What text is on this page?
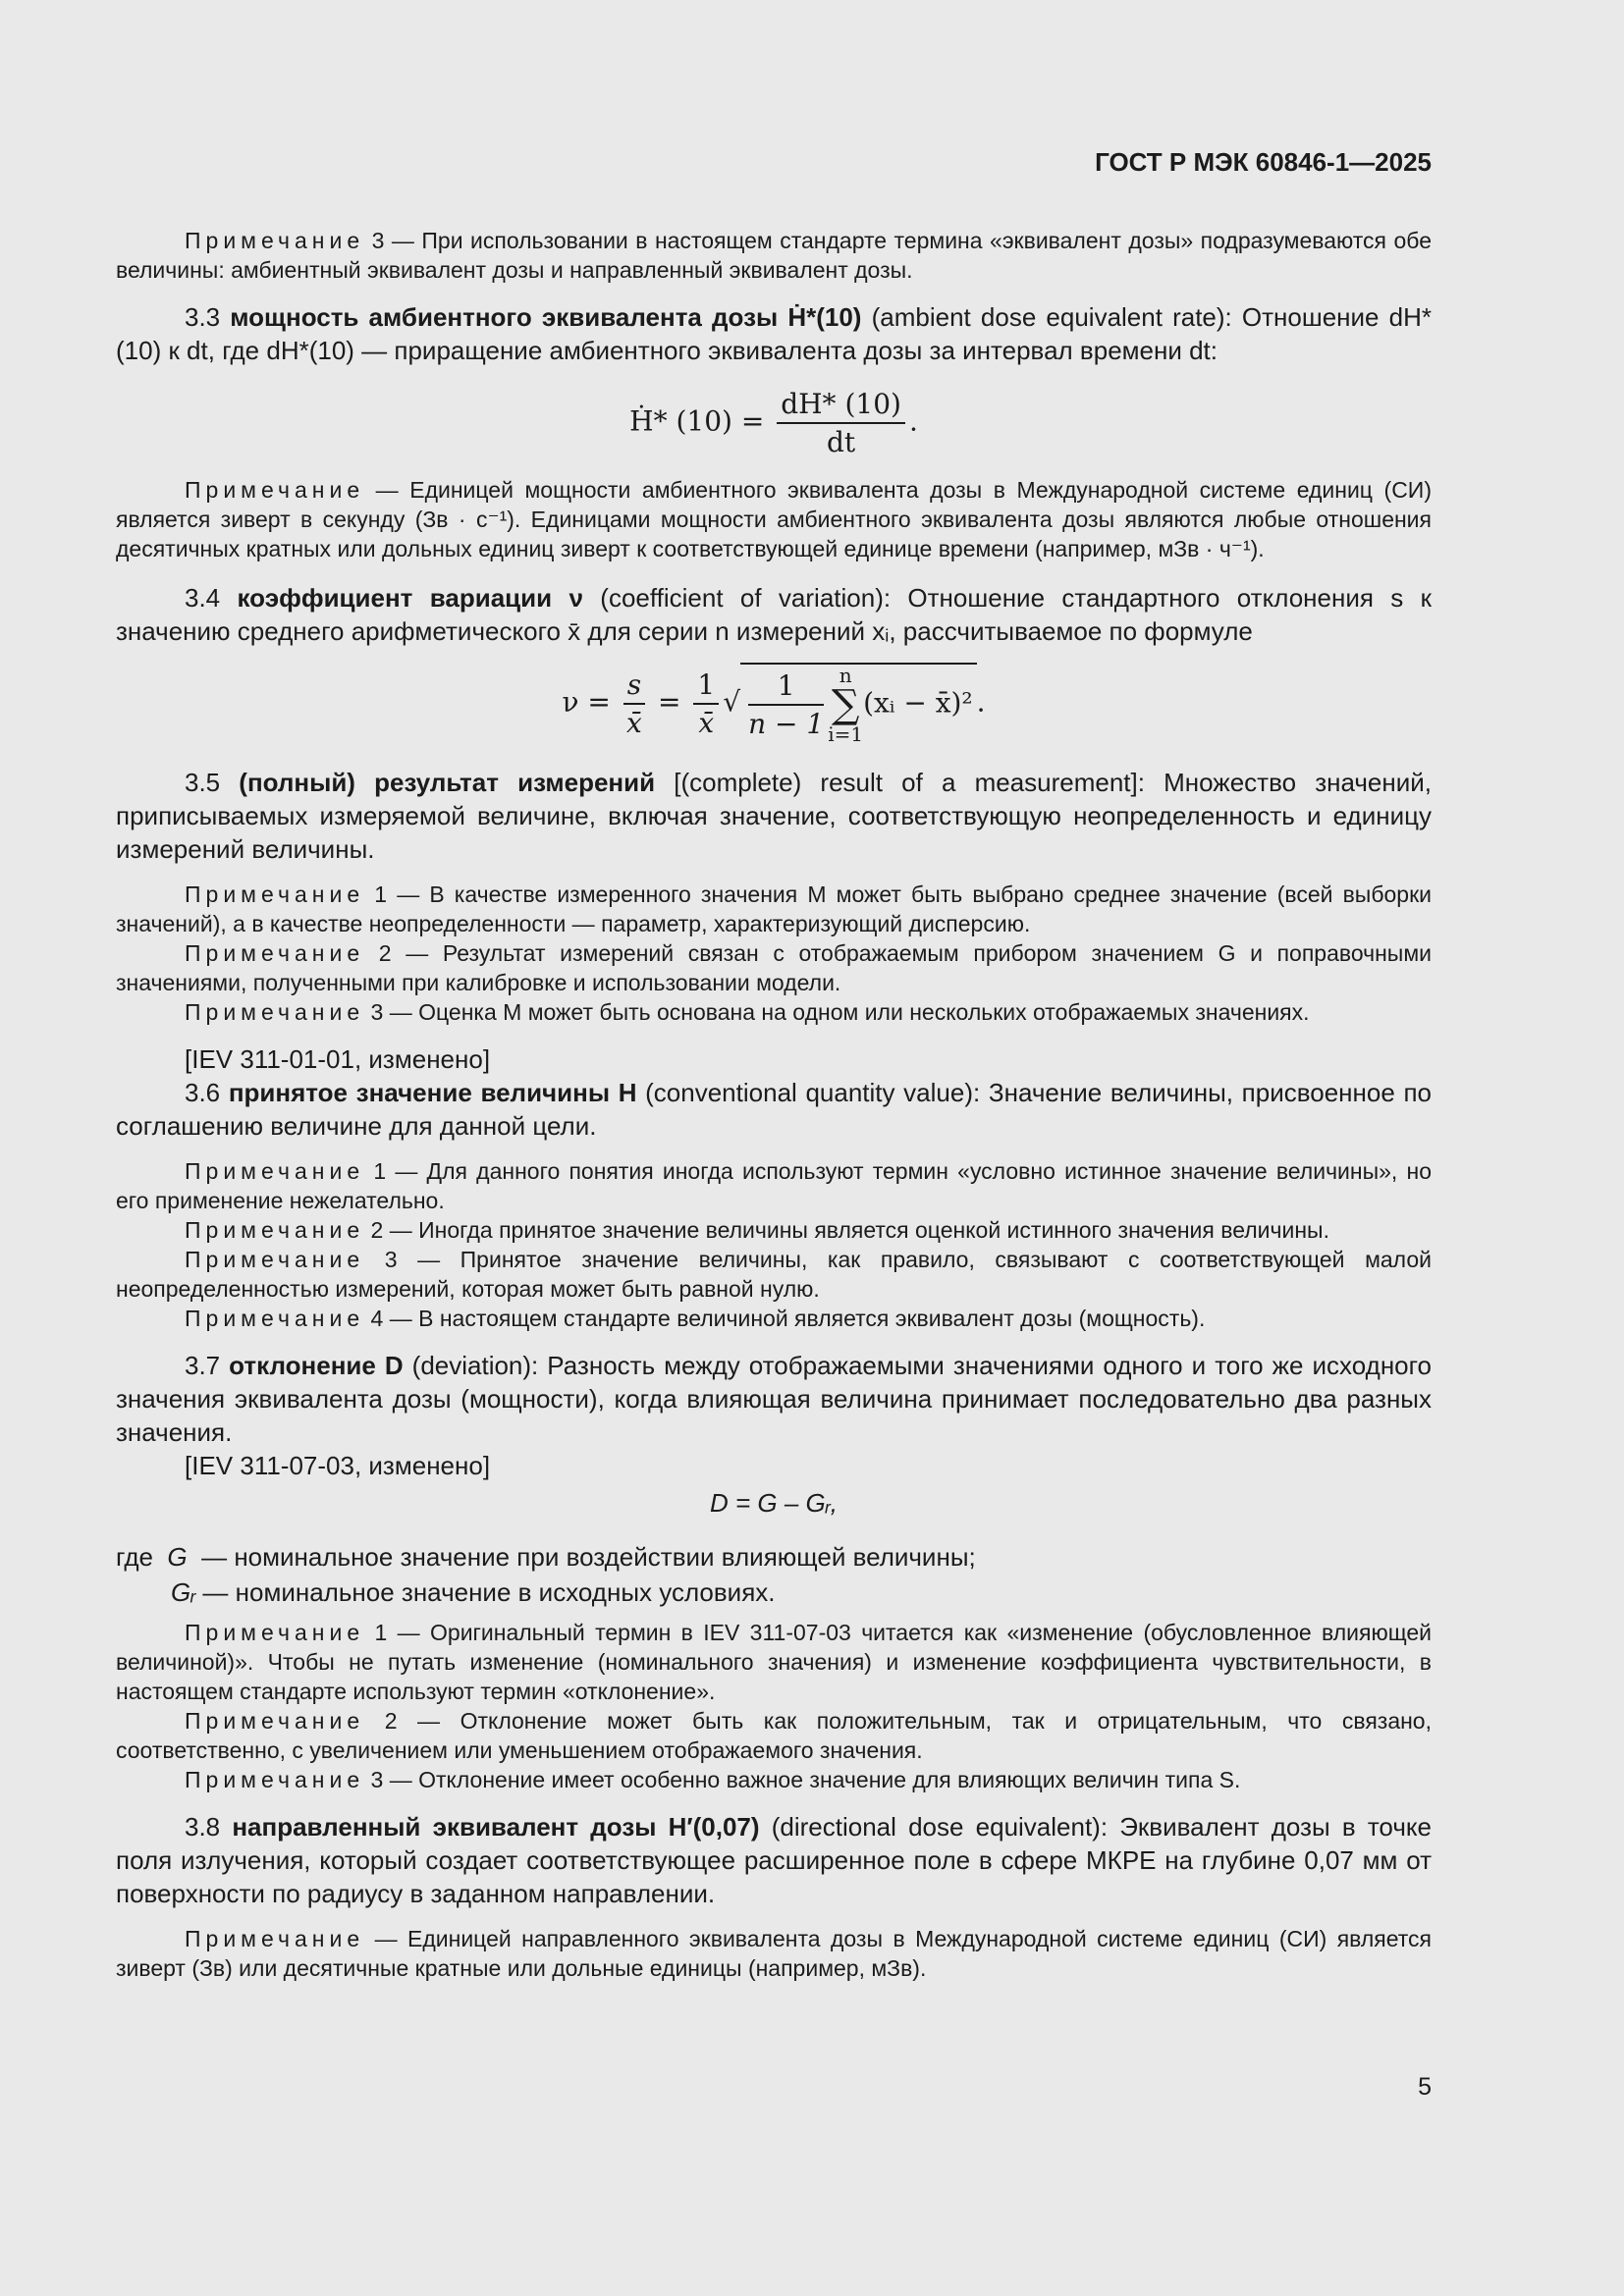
ГОСТ Р МЭК 60846-1—2025

Примечание 3 — При использовании в настоящем стандарте термина «эквивалент дозы» подразумеваются обе величины: амбиентный эквивалент дозы и направленный эквивалент дозы.

3.3 мощность амбиентного эквивалента дозы Ḣ*(10) (ambient dose equivalent rate): Отношение dH*(10) к dt, где dH*(10) — приращение амбиентного эквивалента дозы за интервал времени dt:

Ḣ* $(10) = \frac{dH* (10)}{dt}$ .

Примечание — Единицей мощности амбиентного эквивалента дозы в Международной системе единиц (СИ) является зиверт в секунду (Зв · с⁻¹). Единицами мощности амбиентного эквивалента дозы являются любые отношения десятичных кратных или дольных единиц зиверт к соответствующей единице времени (например, мЗв · ч⁻¹).

3.4 коэффициент вариации ν (coefficient of variation): Отношение стандартного отклонения s к значению среднего арифметического x̄ для серии n измерений xᵢ, рассчитываемое по формуле

$\nu = \frac{s}{x̄} = \frac{1}{x̄}$ √ $\frac{1}{n - 1}$ n
∑
i=1
(xᵢ − x̄)² .

3.5 (полный) результат измерений [(complete) result of a measurement]: Множество значений, приписываемых измеряемой величине, включая значение, соответствующую неопределенность и единицу измерений величины.

Примечание 1 — В качестве измеренного значения M может быть выбрано среднее значение (всей выборки значений), а в качестве неопределенности — параметр, характеризующий дисперсию.

Примечание 2 — Результат измерений связан с отображаемым прибором значением G и поправочными значениями, полученными при калибровке и использовании модели.

Примечание 3 — Оценка M может быть основана на одном или нескольких отображаемых значениях.

[IEV 311-01-01, изменено]

3.6 принятое значение величины H (conventional quantity value): Значение величины, присвоенное по соглашению величине для данной цели.

Примечание 1 — Для данного понятия иногда используют термин «условно истинное значение величины», но его применение нежелательно.

Примечание 2 — Иногда принятое значение величины является оценкой истинного значения величины.

Примечание 3 — Принятое значение величины, как правило, связывают с соответствующей малой неопределенностью измерений, которая может быть равной нулю.

Примечание 4 — В настоящем стандарте величиной является эквивалент дозы (мощность).

3.7 отклонение D (deviation): Разность между отображаемыми значениями одного и того же исходного значения эквивалента дозы (мощности), когда влияющая величина принимает последовательно два разных значения.

[IEV 311-07-03, изменено]

D = G – Gᵣ,
где G — номинальное значение при воздействии влияющей величины;
Gᵣ — номинальное значение в исходных условиях.

Примечание 1 — Оригинальный термин в IEV 311-07-03 читается как «изменение (обусловленное влияющей величиной)». Чтобы не путать изменение (номинального значения) и изменение коэффициента чувствительности, в настоящем стандарте используют термин «отклонение».

Примечание 2 — Отклонение может быть как положительным, так и отрицательным, что связано, соответственно, с увеличением или уменьшением отображаемого значения.

Примечание 3 — Отклонение имеет особенно важное значение для влияющих величин типа S.

3.8 направленный эквивалент дозы H′(0,07) (directional dose equivalent): Эквивалент дозы в точке поля излучения, который создает соответствующее расширенное поле в сфере МКРЕ на глубине 0,07 мм от поверхности по радиусу в заданном направлении.

Примечание — Единицей направленного эквивалента дозы в Международной системе единиц (СИ) является зиверт (Зв) или десятичные кратные или дольные единицы (например, мЗв).

5
